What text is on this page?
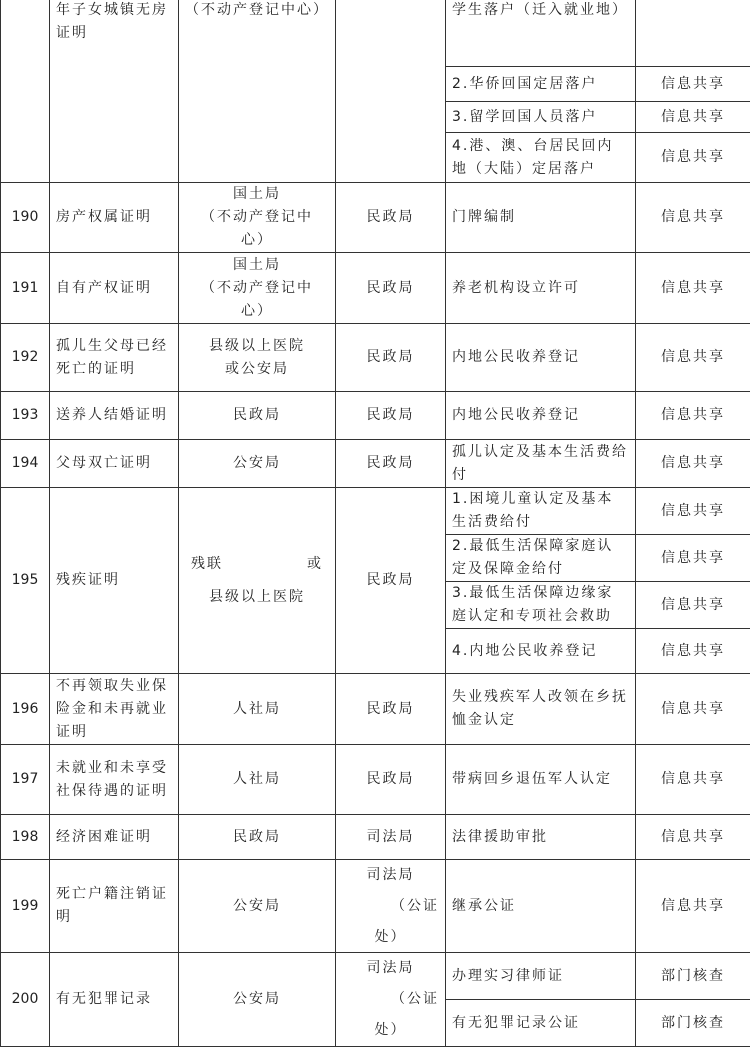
	年子女城镇无房证明	（不动产登记中心）		学生落户（迁入就业地）	
				2.华侨回国定居落户	信息共享
				3.留学回国人员落户	信息共享
				4.港、澳、台居民回内地（大陆）定居落户	信息共享
190	房产权属证明	国土局
（不动产登记中
心）	民政局	门牌编制	信息共享
191	自有产权证明	国土局
（不动产登记中
心）	民政局	养老机构设立许可	信息共享
192	孤儿生父母已经死亡的证明	县级以上医院
或公安局	民政局	内地公民收养登记	信息共享
193	送养人结婚证明	民政局	民政局	内地公民收养登记	信息共享
194	父母双亡证明	公安局	民政局	孤儿认定及基本生活费给付	信息共享
195	残疾证明	残联 或
县级以上医院	民政局	1.困境儿童认定及基本生活费给付	信息共享
				2.最低生活保障家庭认定及保障金给付	信息共享
				3.最低生活保障边缘家庭认定和专项社会救助	信息共享
				4.内地公民收养登记	信息共享
196	不再领取失业保险金和未再就业证明	人社局	民政局	失业残疾军人改领在乡抚恤金认定	信息共享
197	未就业和未享受社保待遇的证明	人社局	民政局	带病回乡退伍军人认定	信息共享
198	经济困难证明	民政局	司法局	法律援助审批	信息共享
199	死亡户籍注销证明	公安局	司法局
（公证
处）	继承公证	信息共享
200	有无犯罪记录	公安局	司法局
（公证
处）	办理实习律师证	部门核查
				有无犯罪记录公证	部门核查
